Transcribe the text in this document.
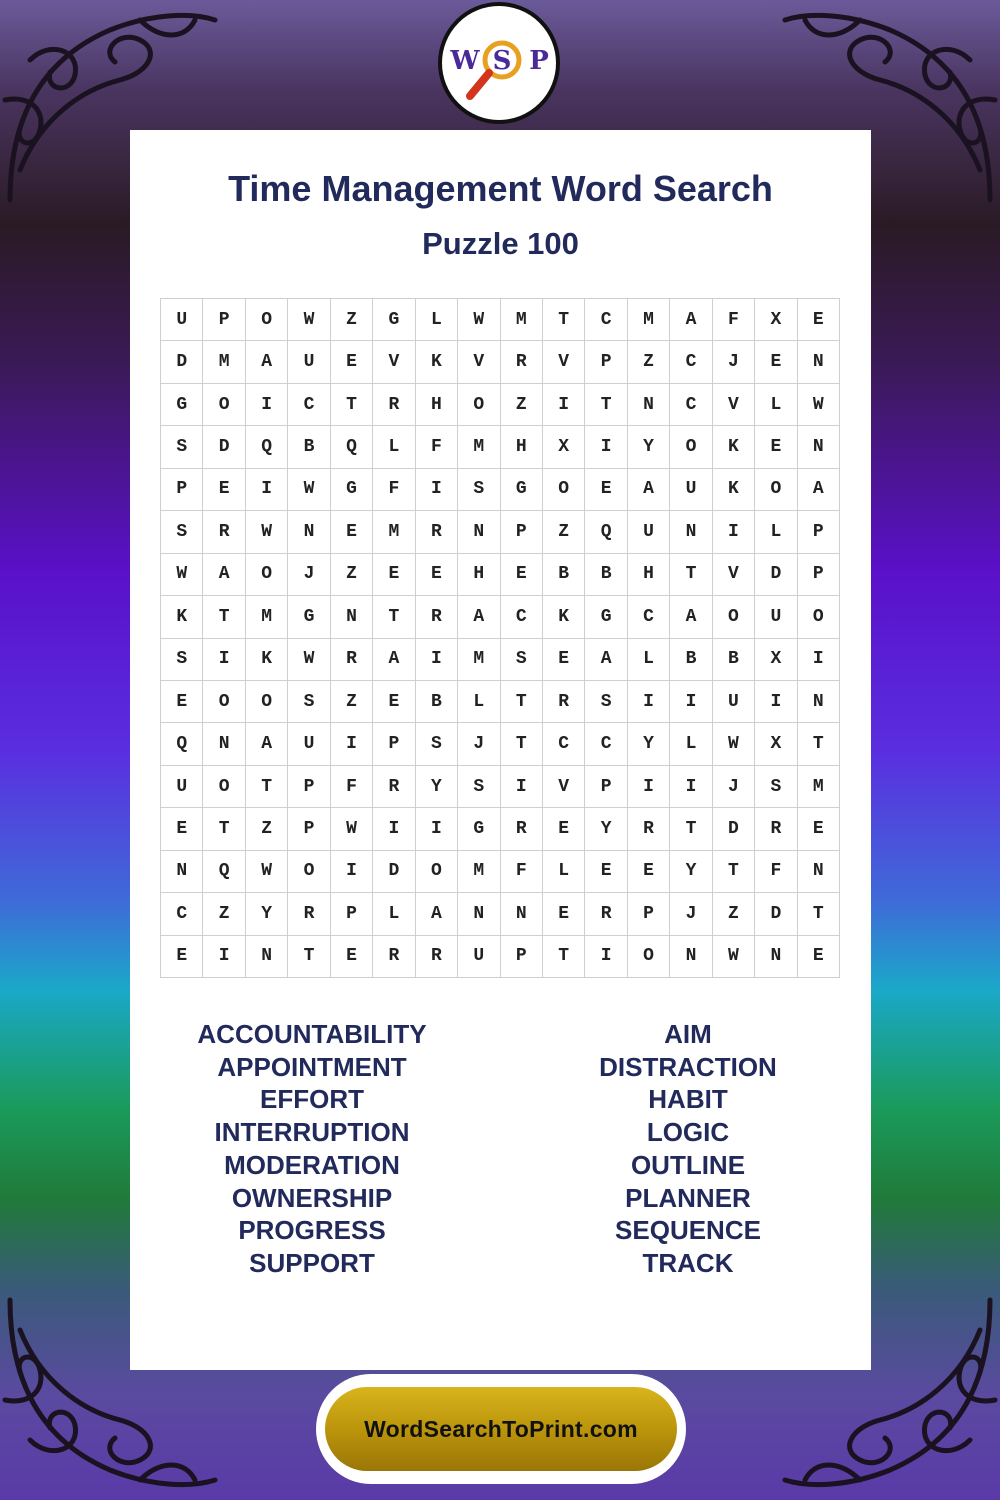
W S P
Time Management Word Search
Puzzle 100
U	P	O	W	Z	G	L	W	M	T	C	M	A	F	X	E
D	M	A	U	E	V	K	V	R	V	P	Z	C	J	E	N
G	O	I	C	T	R	H	O	Z	I	T	N	C	V	L	W
S	D	Q	B	Q	L	F	M	H	X	I	Y	O	K	E	N
P	E	I	W	G	F	I	S	G	O	E	A	U	K	O	A
S	R	W	N	E	M	R	N	P	Z	Q	U	N	I	L	P
W	A	O	J	Z	E	E	H	E	B	B	H	T	V	D	P
K	T	M	G	N	T	R	A	C	K	G	C	A	O	U	O
S	I	K	W	R	A	I	M	S	E	A	L	B	B	X	I
E	O	O	S	Z	E	B	L	T	R	S	I	I	U	I	N
Q	N	A	U	I	P	S	J	T	C	C	Y	L	W	X	T
U	O	T	P	F	R	Y	S	I	V	P	I	I	J	S	M
E	T	Z	P	W	I	I	G	R	E	Y	R	T	D	R	E
N	Q	W	O	I	D	O	M	F	L	E	E	Y	T	F	N
C	Z	Y	R	P	L	A	N	N	E	R	P	J	Z	D	T
E	I	N	T	E	R	R	U	P	T	I	O	N	W	N	E
ACCOUNTABILITY
APPOINTMENT
EFFORT
INTERRUPTION
MODERATION
OWNERSHIP
PROGRESS
SUPPORT
AIM
DISTRACTION
HABIT
LOGIC
OUTLINE
PLANNER
SEQUENCE
TRACK
WordSearchToPrint.com
